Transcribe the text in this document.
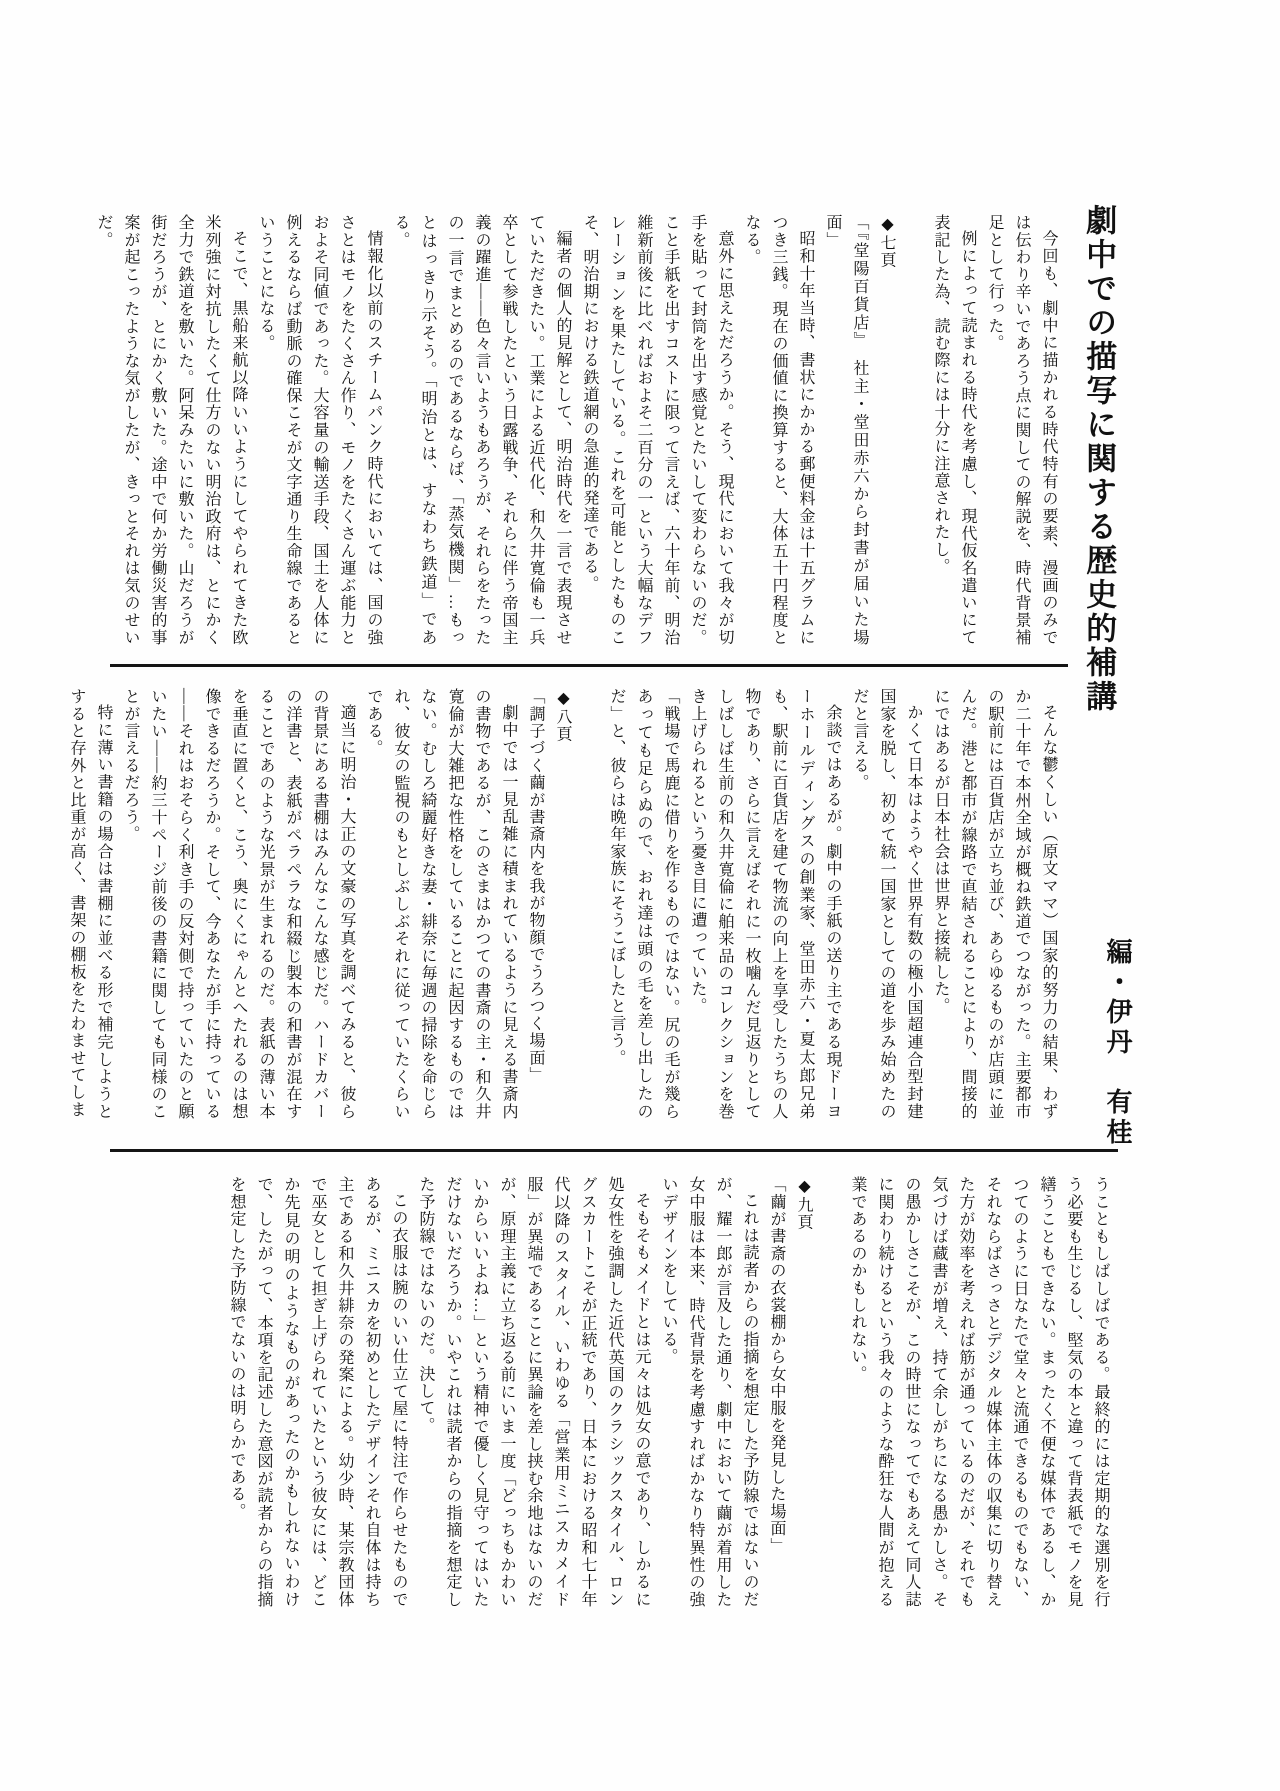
劇中での描写に関する歴史的補講
編・伊丹　有桂

今回も、劇中に描かれる時代特有の要素、漫画のみでは伝わり辛いであろう点に関しての解説を、時代背景補足として行った。

例によって読まれる時代を考慮し、現代仮名遣いにて表記した為、読む際には十分に注意されたし。

◆七頁

「『堂陽百貨店』　社主・堂田赤六から封書が届いた場面」

昭和十年当時、書状にかかる郵便料金は十五グラムにつき三銭。現在の価値に換算すると、大体五十円程度となる。

意外に思えただろうか。そう、現代において我々が切手を貼って封筒を出す感覚とたいして変わらないのだ。こと手紙を出すコストに限って言えば、六十年前、明治維新前後に比べればおよそ二百分の一という大幅なデフレーションを果たしている。これを可能としたものこそ、明治期における鉄道網の急進的発達である。

編者の個人的見解として、明治時代を一言で表現させていただきたい。工業による近代化、和久井寛倫も一兵卒として参戦したという日露戦争、それらに伴う帝国主義の躍進――色々言いようもあろうが、それらをたったの一言でまとめるのであるならば、「蒸気機関」…もっとはっきり示そう。「明治とは、すなわち鉄道」である。

情報化以前のスチームパンク時代においては、国の強さとはモノをたくさん作り、モノをたくさん運ぶ能力とおよそ同値であった。大容量の輸送手段、国土を人体に例えるならば動脈の確保こそが文字通り生命線であるということになる。

そこで、黒船来航以降いいようにしてやられてきた欧米列強に対抗したくて仕方のない明治政府は、とにかく全力で鉄道を敷いた。阿呆みたいに敷いた。山だろうが街だろうが、とにかく敷いた。途中で何か労働災害的事案が起こったような気がしたが、きっとそれは気のせいだ。

そんな鬱くしい（原文ママ）国家的努力の結果、わずか二十年で本州全域が概ね鉄道でつながった。主要都市の駅前には百貨店が立ち並び、あらゆるものが店頭に並んだ。港と都市が線路で直結されることにより、間接的にではあるが日本社会は世界と接続した。

かくて日本はようやく世界有数の極小国超連合型封建国家を脱し、初めて統一国家としての道を歩み始めたのだと言える。

余談ではあるが。劇中の手紙の送り主である現ドーヨーホールディングスの創業家、堂田赤六・夏太郎兄弟も、駅前に百貨店を建て物流の向上を享受したうちの人物であり、さらに言えばそれに一枚噛んだ見返りとしてしばしば生前の和久井寛倫に舶来品のコレクションを巻き上げられるという憂き目に遭っていた。

「戦場で馬鹿に借りを作るものではない。尻の毛が幾らあっても足らぬので、おれ達は頭の毛を差し出したのだ」と、彼らは晩年家族にそうこぼしたと言う。

◆八頁

「調子づく繭が書斎内を我が物顔でうろつく場面」

劇中では一見乱雑に積まれているように見える書斎内の書物であるが、このさまはかつての書斎の主・和久井寛倫が大雑把な性格をしていることに起因するものではない。むしろ綺麗好きな妻・緋奈に毎週の掃除を命じられ、彼女の監視のもとしぶしぶそれに従っていたくらいである。

適当に明治・大正の文豪の写真を調べてみると、彼らの背景にある書棚はみんなこんな感じだ。ハードカバーの洋書と、表紙がペラペラな和綴じ製本の和書が混在することであのような光景が生まれるのだ。表紙の薄い本を垂直に置くと、こう、奥にくにゃんとへたれるのは想像できるだろうか。そして、今あなたが手に持っている――それはおそらく利き手の反対側で持っていたのと願いたい――約三十ページ前後の書籍に関しても同様のことが言えるだろう。

特に薄い書籍の場合は書棚に並べる形で補完しようとすると存外と比重が高く、書架の棚板をたわませてしま

うこともしばしばである。最終的には定期的な選別を行う必要も生じるし、堅気の本と違って背表紙でモノを見繕うこともできない。まったく不便な媒体であるし、かつてのように日なたで堂々と流通できるものでもない、それならばさっさとデジタル媒体主体の収集に切り替えた方が効率を考えれば筋が通っているのだが、それでも気づけば蔵書が増え、持て余しがちになる愚かしさ。その愚かしさこそが、この時世になってでもあえて同人誌に関わり続けるという我々のような酔狂な人間が抱える業であるのかもしれない。

◆九頁

「繭が書斎の衣裳棚から女中服を発見した場面」

これは読者からの指摘を想定した予防線ではないのだが、耀一郎が言及した通り、劇中において繭が着用した女中服は本来、時代背景を考慮すればかなり特異性の強いデザインをしている。

そもそもメイドとは元々は処女の意であり、しかるに処女性を強調した近代英国のクラシックスタイル、ロングスカートこそが正統であり、日本における昭和七十年代以降のスタイル、いわゆる「営業用ミニスカメイド服」が異端であることに異論を差し挟む余地はないのだが、原理主義に立ち返る前にいま一度「どっちもかわいいからいいよね…」という精神で優しく見守ってはいただけないだろうか。いやこれは読者からの指摘を想定した予防線ではないのだ。決して。

この衣服は腕のいい仕立て屋に特注で作らせたものであるが、ミニスカを初めとしたデザインそれ自体は持ち主である和久井緋奈の発案による。幼少時、某宗教団体で巫女として担ぎ上げられていたという彼女には、どこか先見の明のようなものがあったのかもしれないわけで、したがって、本項を記述した意図が読者からの指摘を想定した予防線でないのは明らかである。
